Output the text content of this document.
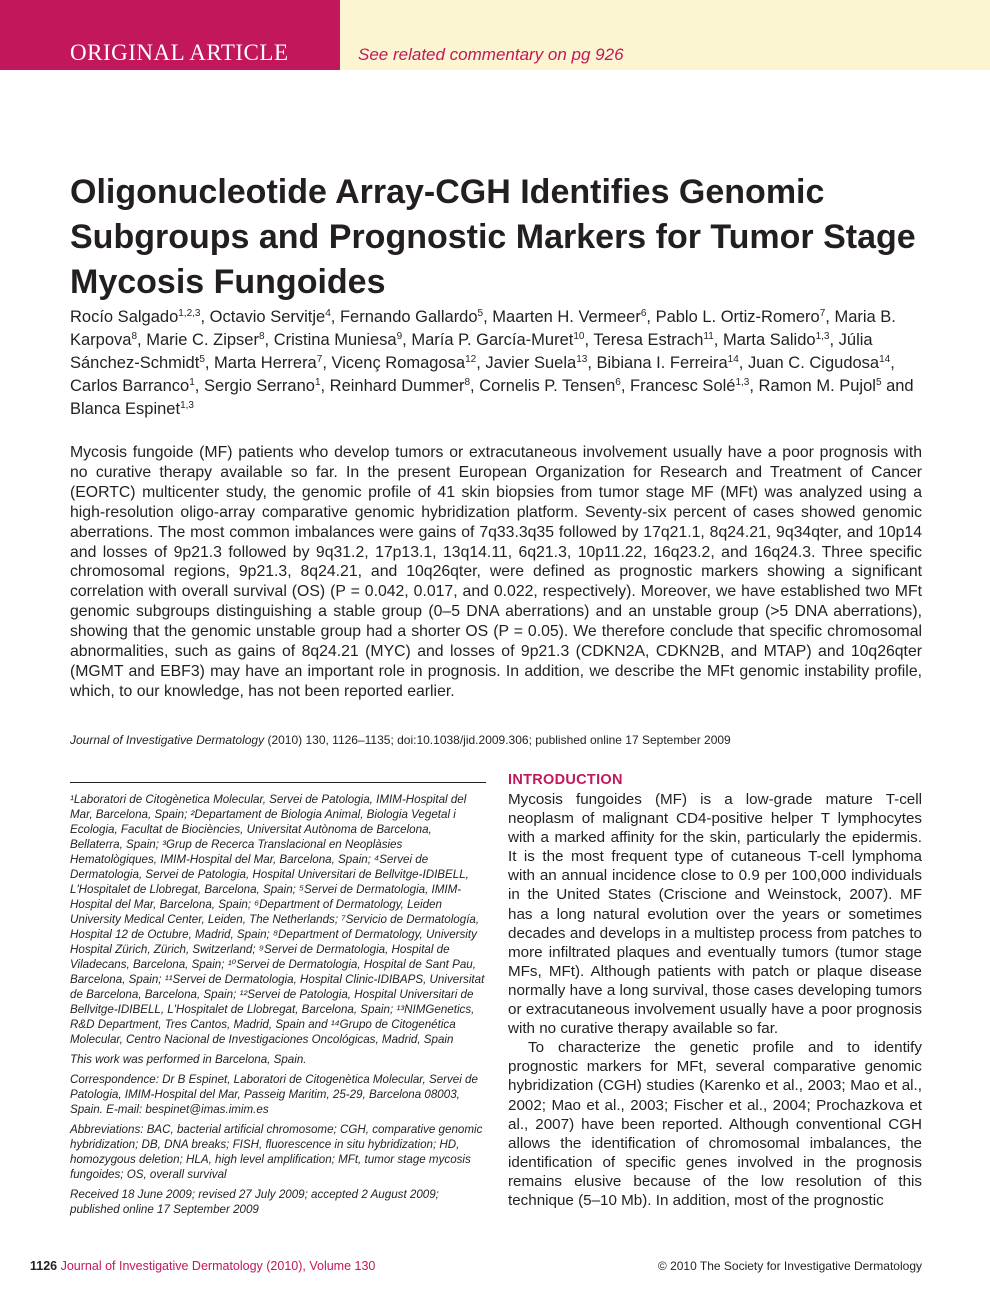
ORIGINAL ARTICLE	See related commentary on pg 926
Oligonucleotide Array-CGH Identifies Genomic Subgroups and Prognostic Markers for Tumor Stage Mycosis Fungoides
Rocío Salgado$^{1,2,3}$, Octavio Servitje$^4$, Fernando Gallardo$^5$, Maarten H. Vermeer$^6$, Pablo L. Ortiz-Romero$^7$, Maria B. Karpova$^8$, Marie C. Zipser$^8$, Cristina Muniesa$^9$, María P. García-Muret$^{10}$, Teresa Estrach$^{11}$, Marta Salido$^{1,3}$, Júlia Sánchez-Schmidt$^5$, Marta Herrera$^7$, Vicenç Romagosa$^{12}$, Javier Suela$^{13}$, Bibiana I. Ferreira$^{14}$, Juan C. Cigudosa$^{14}$, Carlos Barranco$^1$, Sergio Serrano$^1$, Reinhard Dummer$^8$, Cornelis P. Tensen$^6$, Francesc Solé$^{1,3}$, Ramon M. Pujol$^5$ and Blanca Espinet$^{1,3}$
Mycosis fungoide (MF) patients who develop tumors or extracutaneous involvement usually have a poor prognosis with no curative therapy available so far. In the present European Organization for Research and Treatment of Cancer (EORTC) multicenter study, the genomic profile of 41 skin biopsies from tumor stage MF (MFt) was analyzed using a high-resolution oligo-array comparative genomic hybridization platform. Seventy-six percent of cases showed genomic aberrations. The most common imbalances were gains of 7q33.3q35 followed by 17q21.1, 8q24.21, 9q34qter, and 10p14 and losses of 9p21.3 followed by 9q31.2, 17p13.1, 13q14.11, 6q21.3, 10p11.22, 16q23.2, and 16q24.3. Three specific chromosomal regions, 9p21.3, 8q24.21, and 10q26qter, were defined as prognostic markers showing a significant correlation with overall survival (OS) (P = 0.042, 0.017, and 0.022, respectively). Moreover, we have established two MFt genomic subgroups distinguishing a stable group (0–5 DNA aberrations) and an unstable group (>5 DNA aberrations), showing that the genomic unstable group had a shorter OS (P = 0.05). We therefore conclude that specific chromosomal abnormalities, such as gains of 8q24.21 (MYC) and losses of 9p21.3 (CDKN2A, CDKN2B, and MTAP) and 10q26qter (MGMT and EBF3) may have an important role in prognosis. In addition, we describe the MFt genomic instability profile, which, to our knowledge, has not been reported earlier.
Journal of Investigative Dermatology (2010) 130, 1126–1135; doi:10.1038/jid.2009.306; published online 17 September 2009

¹Laboratori de Citogènetica Molecular, Servei de Patologia, IMIM-Hospital del Mar, Barcelona, Spain; ²Departament de Biologia Animal, Biologia Vegetal i Ecologia, Facultat de Biociències, Universitat Autònoma de Barcelona, Bellaterra, Spain; ³Grup de Recerca Translacional en Neoplàsies Hematològiques, IMIM-Hospital del Mar, Barcelona, Spain; ⁴Servei de Dermatologia, Servei de Patologia, Hospital Universitari de Bellvitge-IDIBELL, L'Hospitalet de Llobregat, Barcelona, Spain; ⁵Servei de Dermatologia, IMIM-Hospital del Mar, Barcelona, Spain; ⁶Department of Dermatology, Leiden University Medical Center, Leiden, The Netherlands; ⁷Servicio de Dermatología, Hospital 12 de Octubre, Madrid, Spain; ⁸Department of Dermatology, University Hospital Zürich, Zürich, Switzerland; ⁹Servei de Dermatologia, Hospital de Viladecans, Barcelona, Spain; ¹⁰Servei de Dermatologia, Hospital de Sant Pau, Barcelona, Spain; ¹¹Servei de Dermatologia, Hospital Clinic-IDIBAPS, Universitat de Barcelona, Barcelona, Spain; ¹²Servei de Patologia, Hospital Universitari de Bellvitge-IDIBELL, L'Hospitalet de Llobregat, Barcelona, Spain; ¹³NIMGenetics, R&D Department, Tres Cantos, Madrid, Spain and ¹⁴Grupo de Citogenética Molecular, Centro Nacional de Investigaciones Oncológicas, Madrid, Spain

This work was performed in Barcelona, Spain.

Correspondence: Dr B Espinet, Laboratori de Citogenètica Molecular, Servei de Patologia, IMIM-Hospital del Mar, Passeig Maritim, 25-29, Barcelona 08003, Spain. E-mail: bespinet@imas.imim.es

Abbreviations: BAC, bacterial artificial chromosome; CGH, comparative genomic hybridization; DB, DNA breaks; FISH, fluorescence in situ hybridization; HD, homozygous deletion; HLA, high level amplification; MFt, tumor stage mycosis fungoides; OS, overall survival

Received 18 June 2009; revised 27 July 2009; accepted 2 August 2009; published online 17 September 2009

INTRODUCTION

Mycosis fungoides (MF) is a low-grade mature T-cell neoplasm of malignant CD4-positive helper T lymphocytes with a marked affinity for the skin, particularly the epidermis. It is the most frequent type of cutaneous T-cell lymphoma with an annual incidence close to 0.9 per 100,000 individuals in the United States (Criscione and Weinstock, 2007). MF has a long natural evolution over the years or sometimes decades and develops in a multistep process from patches to more infiltrated plaques and eventually tumors (tumor stage MFs, MFt). Although patients with patch or plaque disease normally have a long survival, those cases developing tumors or extracutaneous involvement usually have a poor prognosis with no curative therapy available so far.

To characterize the genetic profile and to identify prognostic markers for MFt, several comparative genomic hybridization (CGH) studies (Karenko et al., 2003; Mao et al., 2002; Mao et al., 2003; Fischer et al., 2004; Prochazkova et al., 2007) have been reported. Although conventional CGH allows the identification of chromosomal imbalances, the identification of specific genes involved in the prognosis remains elusive because of the low resolution of this technique (5–10 Mb). In addition, most of the prognostic

1126 Journal of Investigative Dermatology (2010), Volume 130	© 2010 The Society for Investigative Dermatology
